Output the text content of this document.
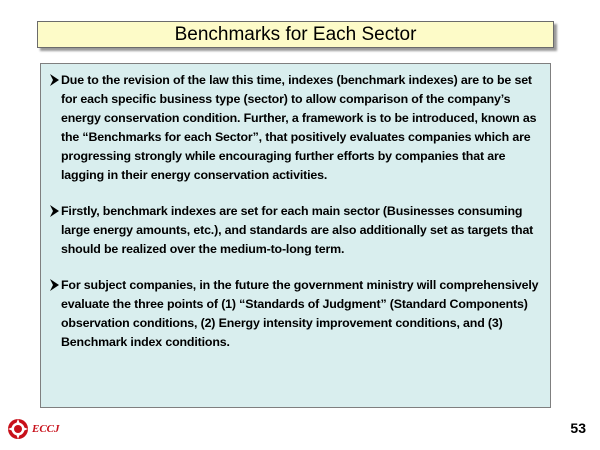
Benchmarks for Each Sector
Due to the revision of the law this time, indexes (benchmark indexes) are to be set for each specific business type (sector) to allow comparison of the company’s energy conservation condition. Further, a framework is to be introduced, known as the “Benchmarks for each Sector”, that positively evaluates companies which are progressing strongly while encouraging further efforts by companies that are lagging in their energy conservation activities.
Firstly, benchmark indexes are set for each main sector (Businesses consuming large energy amounts, etc.), and standards are also additionally set as targets that should be realized over the medium-to-long term.
For subject companies, in the future the government ministry will comprehensively evaluate the three points of (1) “Standards of Judgment” (Standard Components) observation conditions, (2) Energy intensity improvement conditions, and (3) Benchmark index conditions.
ECCJ	53
